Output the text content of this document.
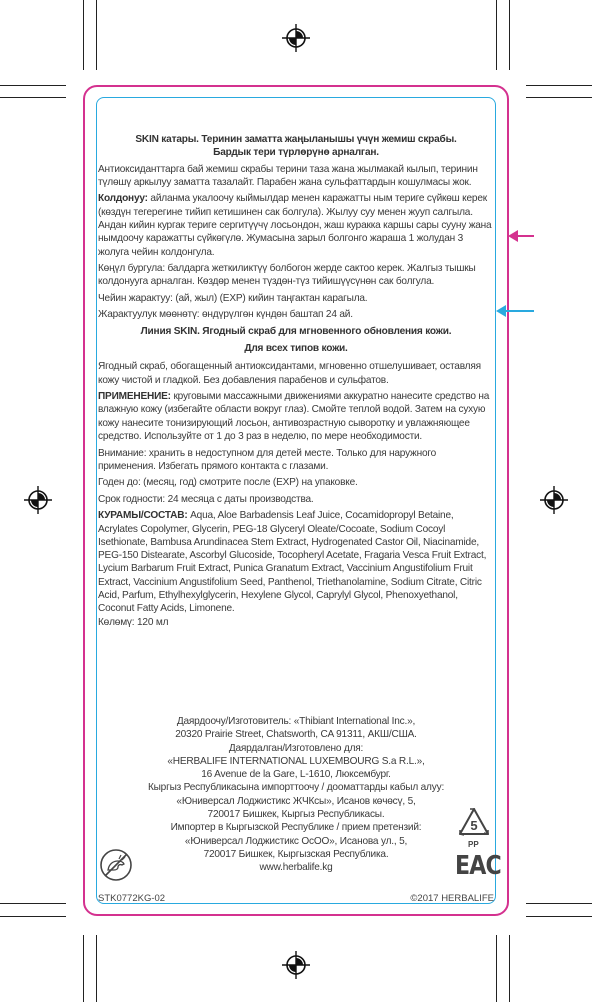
SKIN катары. Теринин заматта жаңыланышы үчүн жемиш скрабы.
Бардык тери түрлөрүнө арналган.

Антиоксиданттарга бай жемиш скрабы терини таза жана жылмакай кылып, теринин түлөшү аркылуу заматта тазалайт. Парабен жана сульфаттардын кошулмасы жок.

Колдонуу: айланма укалоочу кыймылдар менен каражатты ным териге сүйкөш керек (көздүн тегерегине тийип кетишинен сак болгула). Жылуу суу менен жууп салгыла. Андан кийин кургак териге сергитүүчү лосьондон, жаш куракка каршы сары сууну жана нымдоочу каражатты сүйкөгүлө. Жумасына зарыл болгонго жараша 1 жолудан 3 жолуга чейин колдонгула.

Көңүл бургула: балдарга жеткиликтүү болбогон жерде сактоо керек. Жалгыз тышкы колдонууга арналган. Көздөр менен түздөн-түз тийишүүсүнөн сак болгула.

Чейин жарактуу: (ай, жыл) (EXP) кийин таңгактан карагыла.

Жарактуулук мөөнөтү: өндүрүлгөн күндөн баштап 24 ай.

Линия SKIN. Ягодный скраб для мгновенного обновления кожи.
Для всех типов кожи.

Ягодный скраб, обогащенный антиоксидантами, мгновенно отшелушивает, оставляя кожу чистой и гладкой. Без добавления парабенов и сульфатов.

ПРИМЕНЕНИЕ: круговыми массажными движениями аккуратно нанесите средство на влажную кожу (избегайте области вокруг глаз). Смойте теплой водой. Затем на сухую кожу нанесите тонизирующий лосьон, антивозрастную сыворотку и увлажняющее средство. Используйте от 1 до 3 раз в неделю, по мере необходимости.

Внимание: хранить в недоступном для детей месте. Только для наружного применения. Избегать прямого контакта с глазами.

Годен до: (месяц, год) смотрите после (EXP) на упаковке.

Срок годности: 24 месяца с даты производства.

КУРАМЫ/СОСТАВ: Aqua, Aloe Barbadensis Leaf Juice, Cocamidopropyl Betaine, Acrylates Copolymer, Glycerin, PEG-18 Glyceryl Oleate/Cocoate, Sodium Cocoyl Isethionate, Bambusa Arundinacea Stem Extract, Hydrogenated Castor Oil, Niacinamide, PEG-150 Distearate, Ascorbyl Glucoside, Tocopheryl Acetate, Fragaria Vesca Fruit Extract, Lycium Barbarum Fruit Extract, Punica Granatum Extract, Vaccinium Angustifolium Fruit Extract, Vaccinium Angustifolium Seed, Panthenol, Triethanolamine, Sodium Citrate, Citric Acid, Parfum, Ethylhexylglycerin, Hexylene Glycol, Caprylyl Glycol, Phenoxyethanol, Coconut Fatty Acids, Limonene.

Көлөмү: 120 мл
Даярдоочу/Изготовитель: «Thibiant International Inc.»,
20320 Prairie Street, Chatsworth, CA 91311, АКШ/США.
Даярдалган/Изготовлено для:
«HERBALIFE INTERNATIONAL LUXEMBOURG S.a R.L.»,
16 Avenue de la Gare, L-1610, Люксембург.
Кыргыз Республикасына импорттоочу / дооматтарды кабыл алуу:
«Юниверсал Лоджистикс ЖЧКсы», Исанов көчөсү, 5,
720017 Бишкек, Кыргыз Республикасы.
Импортер в Кыргызской Республике / прием претензий:
«Юниверсал Лоджистикс ОсОО», Исанова ул., 5,
720017 Бишкек, Кыргызская Республика.
www.herbalife.kg
5
PP
EAC
STK0772KG-02	©2017 HERBALIFE
